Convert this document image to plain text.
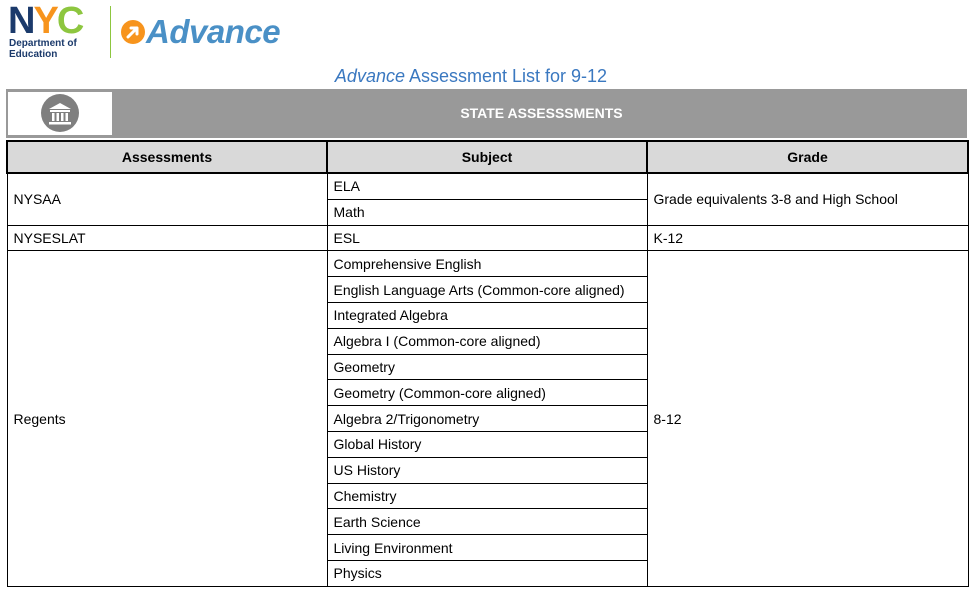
NYC
Department of
Education
Advance
Advance Assessment List for 9-12
STATE ASSESSSMENTS
Assessments	Subject	Grade
NYSAA	ELA	Grade equivalents 3-8 and High School
	Math	
NYSESLAT	ESL	K-12
Regents	Comprehensive English	8-12
	English Language Arts (Common-core aligned)	
	Integrated Algebra	
	Algebra I (Common-core aligned)	
	Geometry	
	Geometry (Common-core aligned)	
	Algebra 2/Trigonometry	
	Global History	
	US History	
	Chemistry	
	Earth Science	
	Living Environment	
	Physics	
